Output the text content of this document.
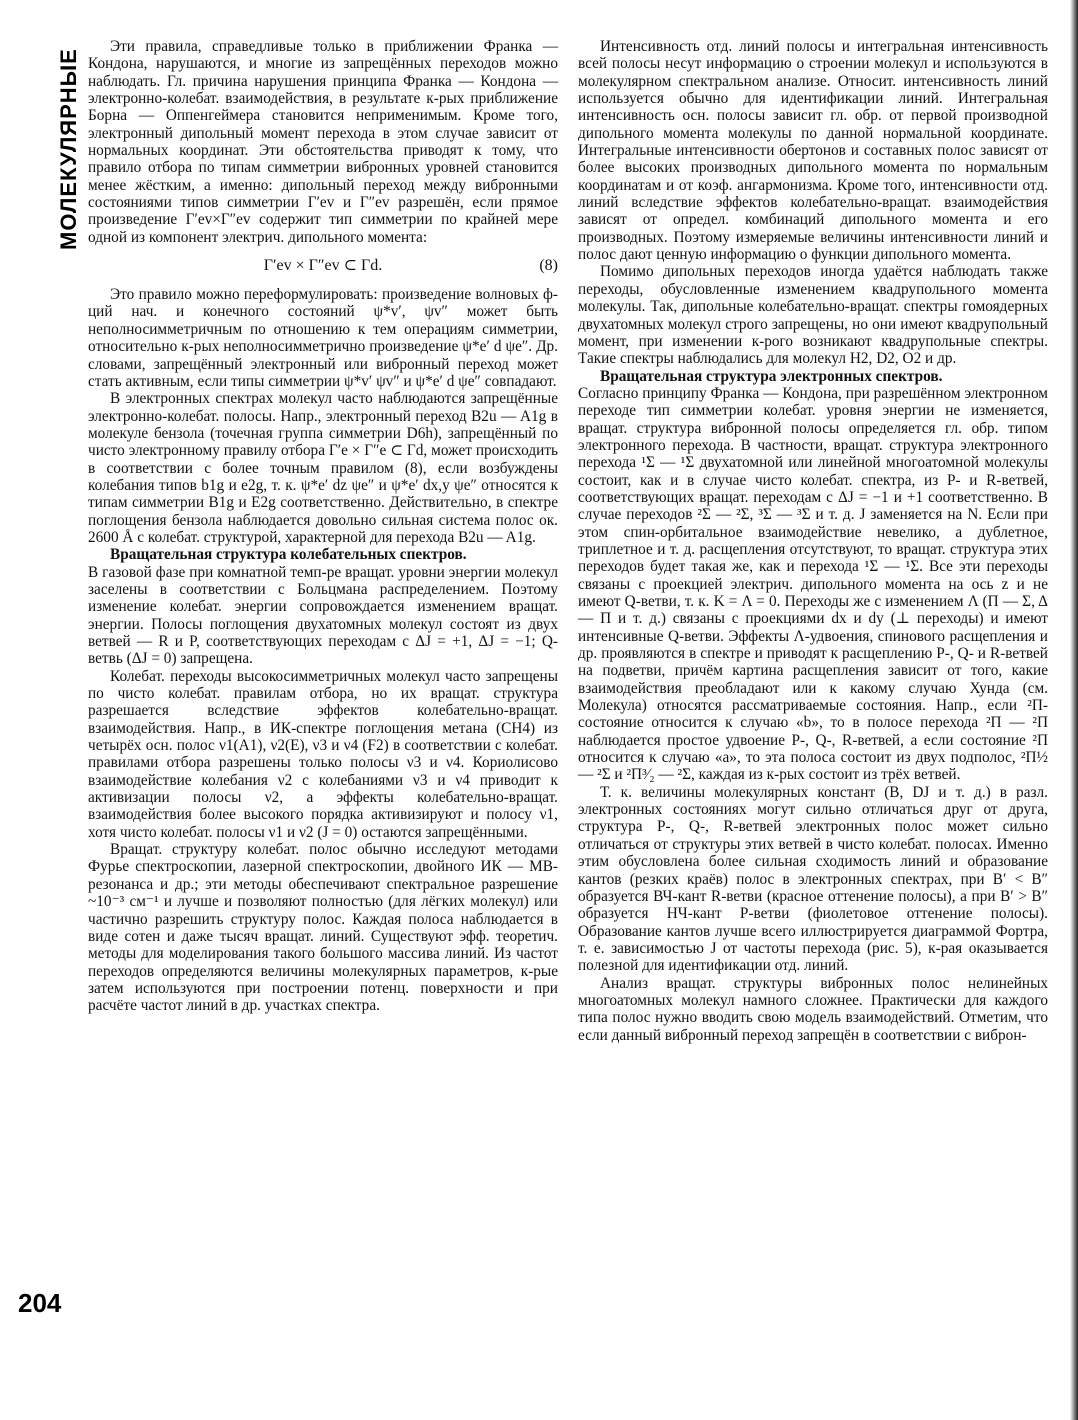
МОЛЕКУЛЯРНЫЕ
204

Эти правила, справедливые только в приближении Франка — Кондона, нарушаются, и многие из запрещённых переходов можно наблюдать. Гл. причина нарушения принципа Франка — Кондона — электронно-колебат. взаимодействия, в результате к-рых приближение Борна — Оппенгеймера становится неприменимым. Кроме того, электронный дипольный момент перехода в этом случае зависит от нормальных координат. Эти обстоятельства приводят к тому, что правило отбора по типам симметрии вибронных уровней становится менее жёстким, а именно: дипольный переход между вибронными состояниями типов симметрии Γ′ev и Γ″ev разрешён, если прямое произведение Γ′ev×Γ″ev содержит тип симметрии по крайней мере одной из компонент электрич. дипольного момента:

Γ′ev × Γ″ev ⊂ Γd.	(8)

Это правило можно переформулировать: произведение волновых ф-ций нач. и конечного состояний ψ*v′, ψv″ может быть неполносимметричным по отношению к тем операциям симметрии, относительно к-рых неполносимметрично произведение ψ*e′ d ψe″. Др. словами, запрещённый электронный или вибронный переход может стать активным, если типы симметрии ψ*v′ ψv″ и ψ*e′ d ψe″ совпадают.

В электронных спектрах молекул часто наблюдаются запрещённые электронно-колебат. полосы. Напр., электронный переход B2u — A1g в молекуле бензола (точечная группа симметрии D6h), запрещённый по чисто электронному правилу отбора Γ′e × Γ″e ⊂ Γd, может происходить в соответствии с более точным правилом (8), если возбуждены колебания типов b1g и e2g, т. к. ψ*e′ dz ψe″ и ψ*e′ dx,y ψe″ относятся к типам симметрии B1g и E2g соответственно. Действительно, в спектре поглощения бензола наблюдается довольно сильная система полос ок. 2600 Å с колебат. структурой, характерной для перехода B2u — A1g.

Вращательная структура колебательных спектров.

В газовой фазе при комнатной темп-ре вращат. уровни энергии молекул заселены в соответствии с Больцмана распределением. Поэтому изменение колебат. энергии сопровождается изменением вращат. энергии. Полосы поглощения двухатомных молекул состоят из двух ветвей — R и P, соответствующих переходам с ΔJ = +1, ΔJ = −1; Q-ветвь (ΔJ = 0) запрещена.

Колебат. переходы высокосимметричных молекул часто запрещены по чисто колебат. правилам отбора, но их вращат. структура разрешается вследствие эффектов колебательно-вращат. взаимодействия. Напр., в ИК-спектре поглощения метана (CH4) из четырёх осн. полос ν1(A1), ν2(E), ν3 и ν4 (F2) в соответствии с колебат. правилами отбора разрешены только полосы ν3 и ν4. Кориолисово взаимодействие колебания ν2 с колебаниями ν3 и ν4 приводит к активизации полосы ν2, а эффекты колебательно-вращат. взаимодействия более высокого порядка активизируют и полосу ν1, хотя чисто колебат. полосы ν1 и ν2 (J = 0) остаются запрещёнными.

Вращат. структуру колебат. полос обычно исследуют методами Фурье спектроскопии, лазерной спектроскопии, двойного ИК — МВ-резонанса и др.; эти методы обеспечивают спектральное разрешение ~10⁻³ см⁻¹ и лучше и позволяют полностью (для лёгких молекул) или частично разрешить структуру полос. Каждая полоса наблюдается в виде сотен и даже тысяч вращат. линий. Существуют эфф. теоретич. методы для моделирования такого большого массива линий. Из частот переходов определяются величины молекулярных параметров, к-рые затем используются при построении потенц. поверхности и при расчёте частот линий в др. участках спектра.

Интенсивность отд. линий полосы и интегральная интенсивность всей полосы несут информацию о строении молекул и используются в молекулярном спектральном анализе. Относит. интенсивность линий используется обычно для идентификации линий. Интегральная интенсивность осн. полосы зависит гл. обр. от первой производной дипольного момента молекулы по данной нормальной координате. Интегральные интенсивности обертонов и составных полос зависят от более высоких производных дипольного момента по нормальным координатам и от коэф. ангармонизма. Кроме того, интенсивности отд. линий вследствие эффектов колебательно-вращат. взаимодействия зависят от определ. комбинаций дипольного момента и его производных. Поэтому измеряемые величины интенсивности линий и полос дают ценную информацию о функции дипольного момента.

Помимо дипольных переходов иногда удаётся наблюдать также переходы, обусловленные изменением квадрупольного момента молекулы. Так, дипольные колебательно-вращат. спектры гомоядерных двухатомных молекул строго запрещены, но они имеют квадрупольный момент, при изменении к-рого возникают квадрупольные спектры. Такие спектры наблюдались для молекул H2, D2, O2 и др.

Вращательная структура электронных спектров.

Согласно принципу Франка — Кондона, при разрешённом электронном переходе тип симметрии колебат. уровня энергии не изменяется, вращат. структура вибронной полосы определяется гл. обр. типом электронного перехода. В частности, вращат. структура электронного перехода ¹Σ — ¹Σ двухатомной или линейной многоатомной молекулы состоит, как и в случае чисто колебат. спектра, из P- и R-ветвей, соответствующих вращат. переходам с ΔJ = −1 и +1 соответственно. В случае переходов ²Σ — ²Σ, ³Σ — ³Σ и т. д. J заменяется на N. Если при этом спин-орбитальное взаимодействие невелико, а дублетное, триплетное и т. д. расщепления отсутствуют, то вращат. структура этих переходов будет такая же, как и перехода ¹Σ — ¹Σ. Все эти переходы связаны с проекцией электрич. дипольного момента на ось z и не имеют Q-ветви, т. к. K = Λ = 0. Переходы же с изменением Λ (Π — Σ, Δ — Π и т. д.) связаны с проекциями dx и dy (⊥ переходы) и имеют интенсивные Q-ветви. Эффекты Λ-удвоения, спинового расщепления и др. проявляются в спектре и приводят к расщеплению P-, Q- и R-ветвей на подветви, причём картина расщепления зависит от того, какие взаимодействия преобладают или к какому случаю Хунда (см. Молекула) относятся рассматриваемые состояния. Напр., если ²Π-состояние относится к случаю «b», то в полосе перехода ²Π — ²Π наблюдается простое удвоение P-, Q-, R-ветвей, а если состояние ²Π относится к случаю «a», то эта полоса состоит из двух подполос, ²Π½ — ²Σ и ²Π³⁄₂ — ²Σ, каждая из к-рых состоит из трёх ветвей.

Т. к. величины молекулярных констант (B, DJ и т. д.) в разл. электронных состояниях могут сильно отличаться друг от друга, структура P-, Q-, R-ветвей электронных полос может сильно отличаться от структуры этих ветвей в чисто колебат. полосах. Именно этим обусловлена более сильная сходимость линий и образование кантов (резких краёв) полос в электронных спектрах, при B′ < B″ образуется ВЧ-кант R-ветви (красное оттенение полосы), а при B′ > B″ образуется НЧ-кант P-ветви (фиолетовое оттенение полосы). Образование кантов лучше всего иллюстрируется диаграммой Фортра, т. е. зависимостью J от частоты перехода (рис. 5), к-рая оказывается полезной для идентификации отд. линий.

Анализ вращат. структуры вибронных полос нелинейных многоатомных молекул намного сложнее. Практически для каждого типа полос нужно вводить свою модель взаимодействий. Отметим, что если данный вибронный переход запрещён в соответствии с виброн-
